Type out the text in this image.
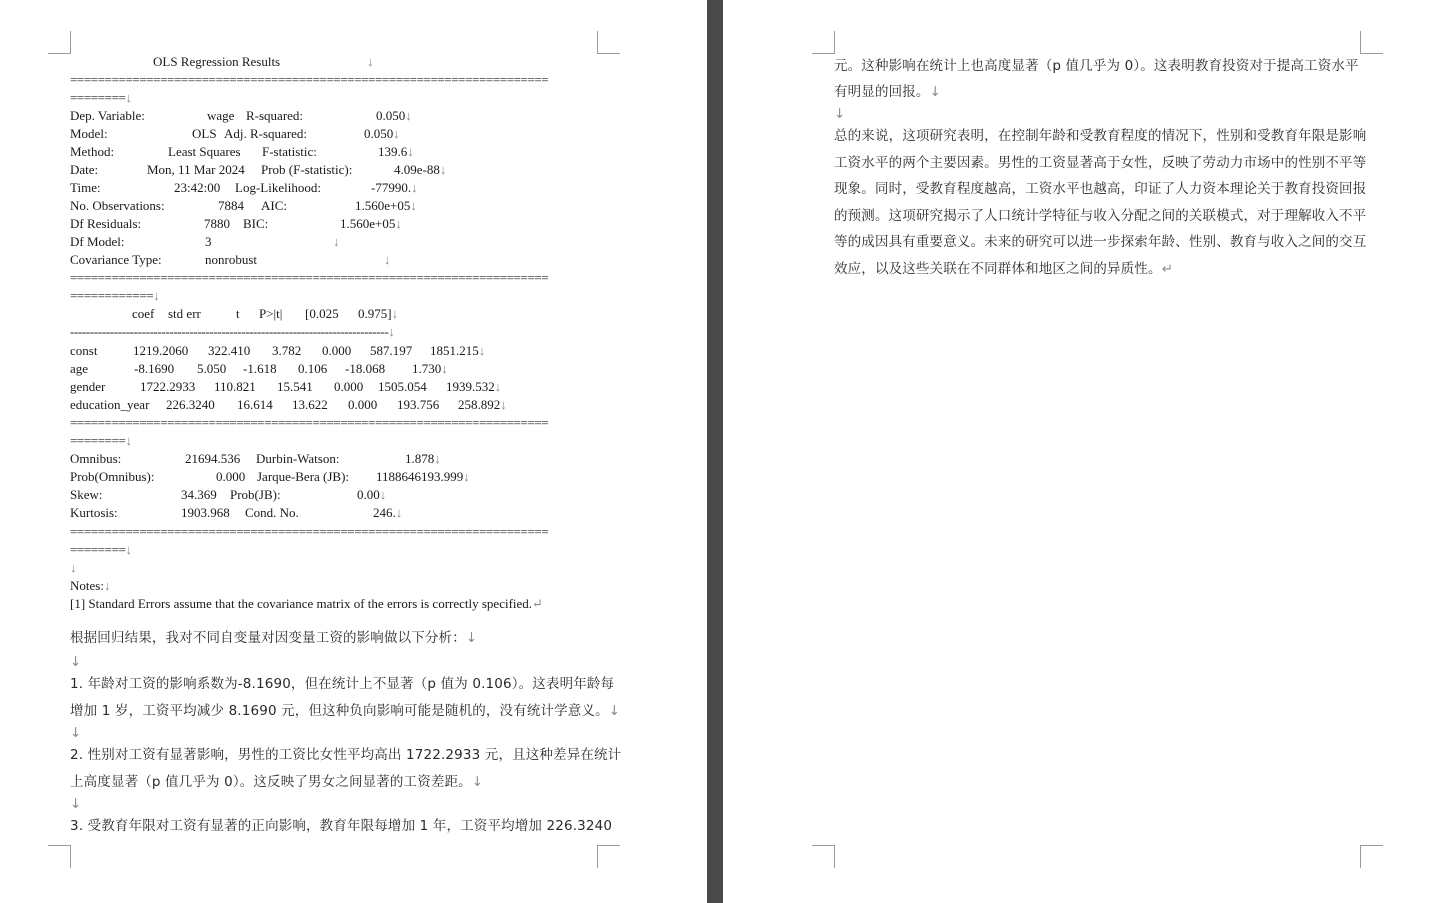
OLS Regression Results	↓
=====================================================================
========↓
Dep. Variable:	wage R-squared:	0.050↓
Model:	OLS Adj. R-squared:	0.050↓
Method:	Least Squares F-statistic:	139.6↓
Date:	Mon, 11 Mar 2024 Prob (F-statistic):	4.09e-88↓
Time:	23:42:00 Log-Likelihood:	-77990.↓
No. Observations:	7884 AIC:	1.560e+05↓
Df Residuals:	7880 BIC:	1.560e+05↓
Df Model:	3	↓
Covariance Type:	nonrobust	↓
=====================================================================
============↓
coef std err	t P>|t| [0.025 0.975]↓
--------------------------------------------------------------------------------↓
const	1219.2060 322.410 3.782 0.000 587.197 1851.215↓
age	-8.1690 5.050 -1.618 0.106 -18.068 1.730↓
gender	1722.2933 110.821 15.541 0.000 1505.054 1939.532↓
education_year 226.3240 16.614 13.622 0.000 193.756 258.892↓
=====================================================================
========↓
Omnibus:	21694.536 Durbin-Watson:	1.878↓
Prob(Omnibus):	0.000 Jarque-Bera (JB): 1188646193.999↓
Skew:	34.369 Prob(JB):	0.00↓
Kurtosis:	1903.968 Cond. No.	246.↓
=====================================================================
========↓
↓
Notes:↓
[1] Standard Errors assume that the covariance matrix of the errors is correctly specified.↵
根据回归结果，我对不同自变量对因变量工资的影响做以下分析：↓
↓
1. 年龄对工资的影响系数为-8.1690，但在统计上不显著（p 值为 0.106）。这表明年龄每
增加 1 岁，工资平均减少 8.1690 元，但这种负向影响可能是随机的，没有统计学意义。↓
↓
2. 性别对工资有显著影响，男性的工资比女性平均高出 1722.2933 元，且这种差异在统计
上高度显著（p 值几乎为 0）。这反映了男女之间显著的工资差距。↓
↓
3. 受教育年限对工资有显著的正向影响，教育年限每增加 1 年，工资平均增加 226.3240
元。这种影响在统计上也高度显著（p 值几乎为 0）。这表明教育投资对于提高工资水平
有明显的回报。↓
↓
总的来说，这项研究表明，在控制年龄和受教育程度的情况下，性别和受教育年限是影响
工资水平的两个主要因素。男性的工资显著高于女性，反映了劳动力市场中的性别不平等
现象。同时，受教育程度越高，工资水平也越高，印证了人力资本理论关于教育投资回报
的预测。这项研究揭示了人口统计学特征与收入分配之间的关联模式，对于理解收入不平
等的成因具有重要意义。未来的研究可以进一步探索年龄、性别、教育与收入之间的交互
效应，以及这些关联在不同群体和地区之间的异质性。↵
